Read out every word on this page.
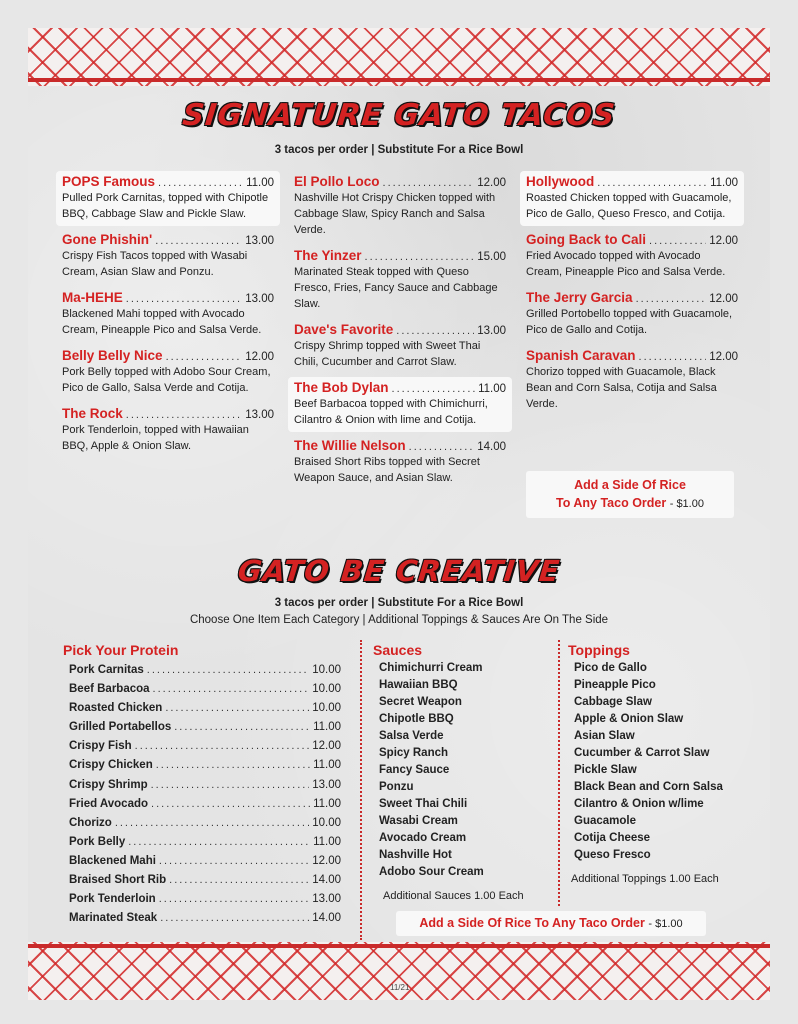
SIGNATURE GATO TACOS
3 tacos per order | Substitute For a Rice Bowl
POPS Famous .....	11.00
Pulled Pork Carnitas, topped with Chipotle BBQ, Cabbage Slaw and Pickle Slaw.
Gone Phishin' .....	13.00
Crispy Fish Tacos topped with Wasabi Cream, Asian Slaw and Ponzu.
Ma-HEHE .....	13.00
Blackened Mahi topped with Avocado Cream, Pineapple Pico and Salsa Verde.
Belly Belly Nice .....	12.00
Pork Belly topped with Adobo Sour Cream, Pico de Gallo, Salsa Verde and Cotija.
The Rock .....	13.00
Pork Tenderloin, topped with Hawaiian BBQ, Apple & Onion Slaw.
El Pollo Loco .....	12.00
Nashville Hot Crispy Chicken topped with Cabbage Slaw, Spicy Ranch and Salsa Verde.
The Yinzer .....	15.00
Marinated Steak topped with Queso Fresco, Fries, Fancy Sauce and Cabbage Slaw.
Dave's Favorite .....	13.00
Crispy Shrimp topped with Sweet Thai Chili, Cucumber and Carrot Slaw.
The Bob Dylan .....	11.00
Beef Barbacoa topped with Chimichurri, Cilantro & Onion with lime and Cotija.
The Willie Nelson .....	14.00
Braised Short Ribs topped with Secret Weapon Sauce, and Asian Slaw.
Hollywood .....	11.00
Roasted Chicken topped with Guacamole, Pico de Gallo, Queso Fresco, and Cotija.
Going Back to Cali .....	12.00
Fried Avocado topped with Avocado Cream, Pineapple Pico and Salsa Verde.
The Jerry Garcia .....	12.00
Grilled Portobello topped with Guacamole, Pico de Gallo and Cotija.
Spanish Caravan .....	12.00
Chorizo topped with Guacamole, Black Bean and Corn Salsa, Cotija and Salsa Verde.
Add a Side Of Rice
To Any Taco Order - $1.00
GATO BE CREATIVE
3 tacos per order | Substitute For a Rice Bowl
Choose One Item Each Category | Additional Toppings & Sauces Are On The Side
Pick Your Protein
Pork Carnitas .....	10.00
Beef Barbacoa .....	10.00
Roasted Chicken .....	10.00
Grilled Portabellos .....	11.00
Crispy Fish .....	12.00
Crispy Chicken .....	11.00
Crispy Shrimp .....	13.00
Fried Avocado .....	11.00
Chorizo .....	10.00
Pork Belly .....	11.00
Blackened Mahi .....	12.00
Braised Short Rib .....	14.00
Pork Tenderloin .....	13.00
Marinated Steak .....	14.00
Sauces
Chimichurri Cream
Hawaiian BBQ
Secret Weapon
Chipotle BBQ
Salsa Verde
Spicy Ranch
Fancy Sauce
Ponzu
Sweet Thai Chili
Wasabi Cream
Avocado Cream
Nashville Hot
Adobo Sour Cream
Additional Sauces 1.00 Each
Toppings
Pico de Gallo
Pineapple Pico
Cabbage Slaw
Apple & Onion Slaw
Asian Slaw
Cucumber & Carrot Slaw
Pickle Slaw
Black Bean and Corn Salsa
Cilantro & Onion w/lime
Guacamole
Cotija Cheese
Queso Fresco
Additional Toppings 1.00 Each
Add a Side Of Rice To Any Taco Order - $1.00
11/21
